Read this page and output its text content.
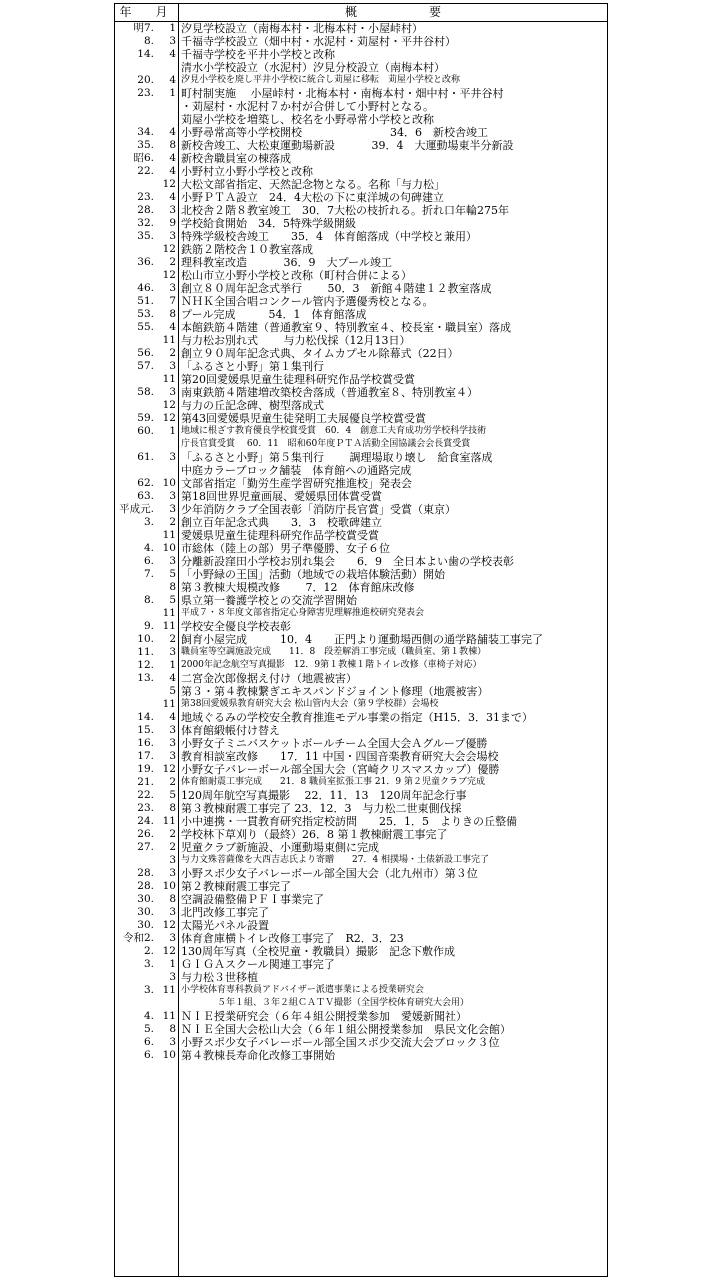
年　月	概	要
明7.	1 汐見学校設立（南梅本村・北梅本村・小屋峠村）
8.	3 千福寺学校設立（畑中村・水泥村・苅屋村・平井谷村）
14.	4 千福寺学校を平井小学校と改称
清水小学校設立（水泥村）汐見分校設立（南梅本村）
20.	4 汐見小学校を廃し平井小学校に統合し苅屋に移転　苅屋小学校と改称
23.	1 町村制実施　 小屋峠村・北梅本村・南梅本村・畑中村・平井谷村
・苅屋村・水泥村７か村が合併して小野村となる。
苅屋小学校を増築し、校名を小野尋常小学校と改称
34.	4 小野尋常高等小学校開校　　　　　　　　34．6　新校舎竣工
35.	8 新校舎竣工、大松東運動場新設　　　 39．4　大運動場東半分新設
昭6.	4 新校舎職員室の棟落成
22.	4 小野村立小野小学校と改称
12 大松文部省指定、天然記念物となる。名称「与力松」
23.	4 小野ＰＴＡ設立　24．4大松の下に東洋城の句碑建立
28.	3 北校舎２階８教室竣工　30．7大松の枝折れる。折れ口年輪275年
32.	9 学校給食開始　34．5特殊学級開級
35.	3 特殊学級校舎竣工　　35．4　体育館落成（中学校と兼用）
12 鉄筋２階校舎１０教室落成
36.	2 理科教室改造　　　 36．9　大プール竣工
12 松山市立小野小学校と改称（町村合併による）
46.	3 創立８０周年記念式挙行　　 50．3　新館４階建１２教室落成
51.	7 ＮＨＫ全国合唱コンクール管内予選優秀校となる。
53.	8 プール完成　　　54．1　体育館落成
55.	4 本館鉄筋４階建（普通教室９、特別教室４、校長室・職員室）落成
11 与力松お別れ式　　 与力松伐採（12月13日）
56.	2 創立９０周年記念式典、タイムカプセル除幕式（22日）
57.	3 「ふるさと小野」第１集刊行
11 第20回愛媛県児童生徒理科研究作品学校賞受賞
58.	3 南東鉄筋４階建増改築校舎落成（普通教室８、特別教室４）
12 与力の丘記念碑、樹型落成式
59. 12 第43回愛媛県児童生徒発明工夫展優良学校賞受賞
60.	1 地域に根ざす教育優良学校賞受賞　60．4　創意工夫育成功労学校科学技術
庁長官賞受賞　 60．11　昭和60年度ＰＴＡ活動全国協議会会長賞受賞
61.	3 「ふるさと小野」第５集刊行　　 調理場取り壊し　給食室落成
中庭カラーブロック舗装　体育館への通路完成
62. 10 文部省指定「勤労生産学習研究推進校」発表会
63.	3 第18回世界児童画展、愛媛県団体賞受賞
平成元.	3 少年消防クラブ全国表彰「消防庁長官賞」受賞（東京）
3.	2 創立百年記念式典　　3．3　校歌碑建立
11 愛媛県児童生徒理科研究作品学校賞受賞
4. 10 市総体（陸上の部）男子準優勝、女子６位
6.	3 分離新設窪田小学校お別れ集会　　6．9　全日本よい歯の学校表彰
7.	5 「小野緑の王国」活動（地域での栽培体験活動）開始
8 第３教棟大規模改修　　 7．12　体育館床改修
8.	5 県立第一養護学校との交流学習開始
11 平成７・８年度文部省指定心身障害児理解推進校研究発表会
9. 11 学校安全優良学校表彰
10.	2 飼育小屋完成　　　10．4　　正門より運動場西側の通学路舗装工事完了
11.	3 職員室等空調施設完成　　11．8　段差解消工事完成（職員室、第１教棟）
12.	1 2000年記念航空写真撮影　12．9第１教棟１階トイレ改修（車椅子対応）
13.	4 二宮金次郎像据え付け（地震被害）
5 第３・第４教棟繋ぎエキスパンドジョイント修理（地震被害）
11 第38回愛媛県教育研究大会 松山管内大会（第９学校群）会場校
14.	4 地域ぐるみの学校安全教育推進モデル事業の指定（H15．3．31まで）
15.	3 体育館緞帳付け替え
16.	3 小野女子ミニバスケットボールチーム全国大会Ａグループ優勝
17.	3 教育相談室改修　　17．11 中国・四国音楽教育研究大会会場校
19. 12 小野女子バレーボール部全国大会（宮崎クリスマスカップ）優勝
21.	2 体育館耐震工事完成　　21．8 職員室拡張工事 21．9 第２児童クラブ完成
22.	5 120周年航空写真撮影　 22．11．13　120周年記念行事
23.	8 第３教棟耐震工事完了 23．12．3　与力松二世東側伐採
24. 11 小中連携・一貫教育研究指定校訪問　　25．1．5　よりきの丘整備
26.	2 学校林下草刈り（最終）26．8 第１教棟耐震工事完了
27.	2 児童クラブ新施設、小運動場東側に完成
3 与力文殊菩薩像を大西吉志氏より寄贈　　27．4 相撲場・土俵新設工事完了
28.	3 小野スポ少女子バレーボール部全国大会（北九州市）第３位
28. 10 第２教棟耐震工事完了
30.	8 空調設備整備ＰＦＩ事業完了
30.	3 北門改修工事完了
30. 12 太陽光パネル設置
令和2.	3 体育倉庫横トイレ改修工事完了　R2．3．23
2. 12 130周年写真（全校児童・教職員）撮影　記念下敷作成
3.	1 ＧＩＧＡスクール関連工事完了
3 与力松３世移植
3. 11 小学校体育専科教員アドバイザー派遣事業による授業研究会
　　　　５年１組、３年２組ＣＡＴＶ撮影（全国学校体育研究大会用）
4. 11 ＮＩＥ授業研究会（６年４組公開授業参加　愛媛新聞社）
5.	8 ＮＩＥ全国大会松山大会（６年１組公開授業参加　県民文化会館）
6.	3 小野スポ少女子バレーボール部全国スポ少交流大会ブロック３位
6. 10 第４教棟長寿命化改修工事開始
